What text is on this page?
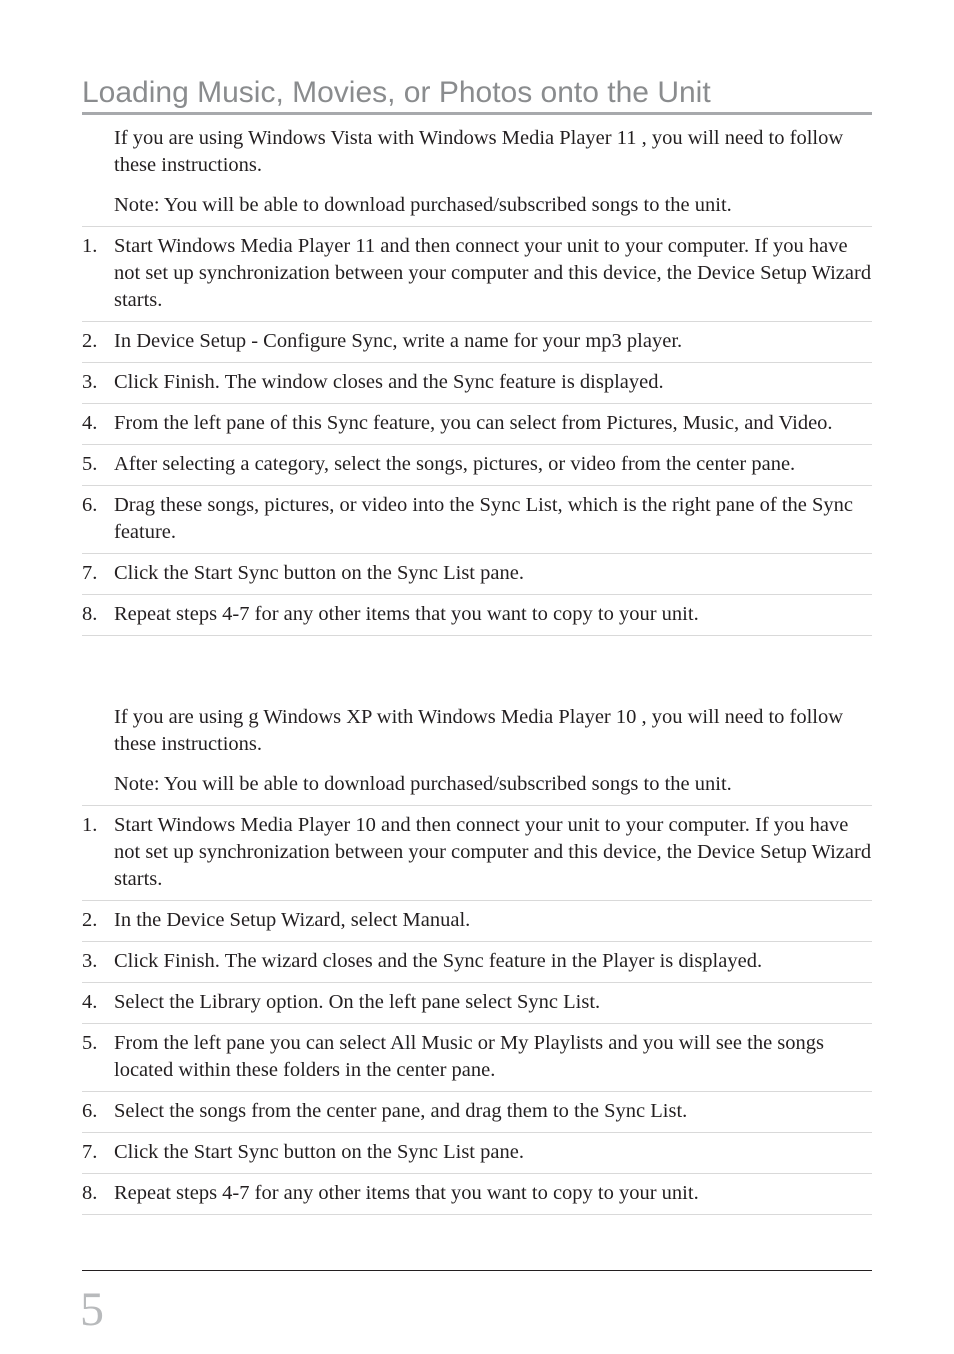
Loading Music, Movies, or Photos onto the Unit

If you are using Windows Vista with Windows Media Player 11 , you will need to follow these instructions.

Note: You will be able to download purchased/subscribed songs to the unit.

1. Start Windows Media Player 11 and then connect your unit to your computer. If you have not set up synchronization between your computer and this device, the Device Setup Wizard starts.
2. In Device Setup - Configure Sync, write a name for your mp3 player.
3. Click Finish. The window closes and the Sync feature is displayed.
4. From the left pane of this Sync feature, you can select from Pictures, Music, and Video.
5. After selecting a category, select the songs, pictures, or video from the center pane.
6. Drag these songs, pictures, or video into the Sync List, which is the right pane of the Sync feature.
7. Click the Start Sync button on the Sync List pane.
8. Repeat steps 4-7 for any other items that you want to copy to your unit.

If you are using g Windows XP with Windows Media Player 10 , you will need to follow these instructions.

Note: You will be able to download purchased/subscribed songs to the unit.

1. Start Windows Media Player 10 and then connect your unit to your computer. If you have not set up synchronization between your computer and this device, the Device Setup Wizard starts.
2. In the Device Setup Wizard, select Manual.
3. Click Finish. The wizard closes and the Sync feature in the Player is displayed.
4. Select the Library option. On the left pane select Sync List.
5. From the left pane you can select All Music or My Playlists and you will see the songs located within these folders in the center pane.
6. Select the songs from the center pane, and drag them to the Sync List.
7. Click the Start Sync button on the Sync List pane.
8. Repeat steps 4-7 for any other items that you want to copy to your unit.
5
